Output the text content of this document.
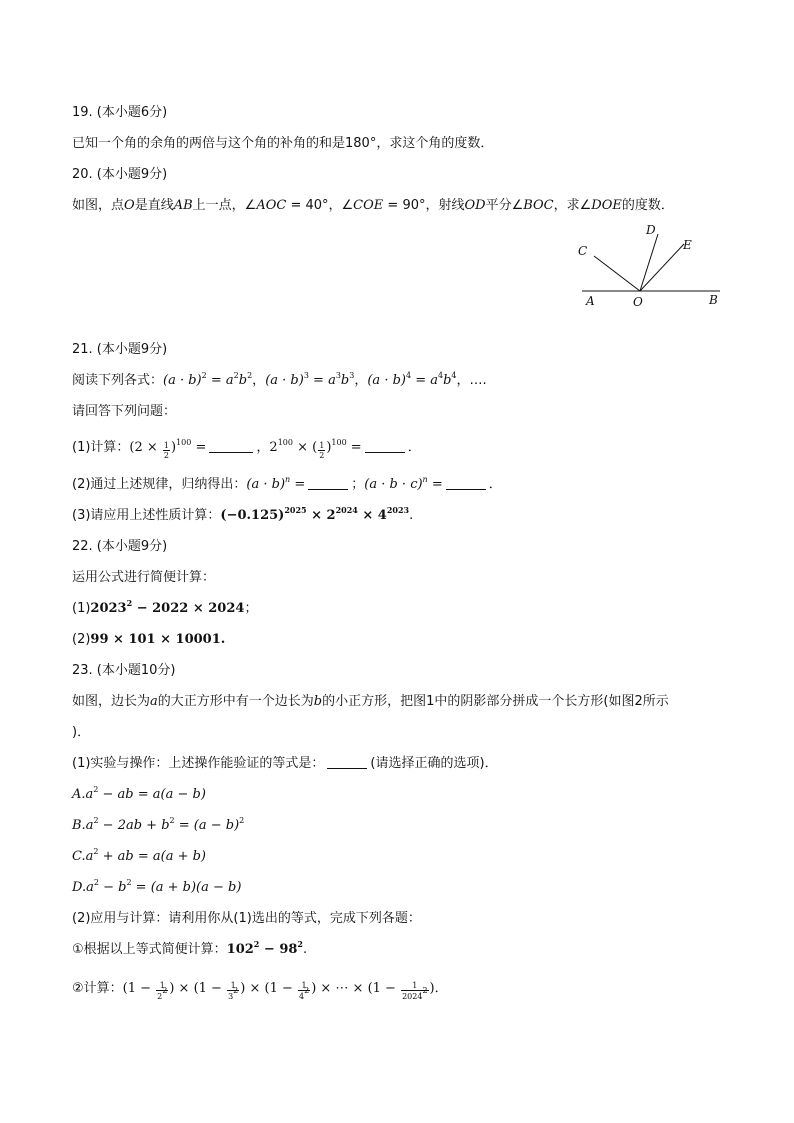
19. (本小题6分)
已知一个角的余角的两倍与这个角的补角的和是180°，求这个角的度数．
20. (本小题9分)
如图，点O是直线AB上一点，∠AOC = 40°，∠COE = 90°，射线OD平分∠BOC，求∠DOE的度数．
A	O	B
C
D
E
21. (本小题9分)
阅读下列各式：$(a \cdot b)^2 = a^2b^2$，$(a \cdot b)^3 = a^3b^3$，$(a \cdot b)^4 = a^4b^4$，….
请回答下列问题：
(1)计算：$(2 \times \frac{1}{2} )^{100}$ =	，$2^{100}$ × ( $\frac{1}{2} )^{100}$ =	．
(2)通过上述规律，归纳得出：$(a \cdot b)^n$ =	；$(a \cdot b \cdot c)^n$ =	．
(3)请应用上述性质计算：$(-0.125)^{2025} \times 2^{2024} \times 4^{2023}$.
22. (本小题9分)
运用公式进行简便计算：
$(1)2023^2 - 2022 \times 2024$；
(2)99 × 101 × 10001.
23. (本小题10分)
如图，边长为a的大正方形中有一个边长为b的小正方形，把图1中的阴影部分拼成一个长方形(如图2所示
)．
(1)实验与操作：上述操作能验证的等式是：	(请选择正确的选项)．
$A.a^2$ − ab = a(a − b)
$B.a^2 - 2ab + b^2 = (a - b)^2$
$C.a^2$ + ab = a(a + b)
$D.a^2 - b^2 = (a + b)(a - b)$
(2)应用与计算：请利用你从(1)选出的等式，完成下列各题：
①根据以上等式简便计算：$102^2 - 98^2$.
②计算：($1 - \frac{1}{2^2}$ ) × ($1 - \frac{1}{3^2}$ ) × ($1 - \frac{1}{4^2}$ ) × ⋯ × ($1 - \frac{1}{2024^2}$ )．
